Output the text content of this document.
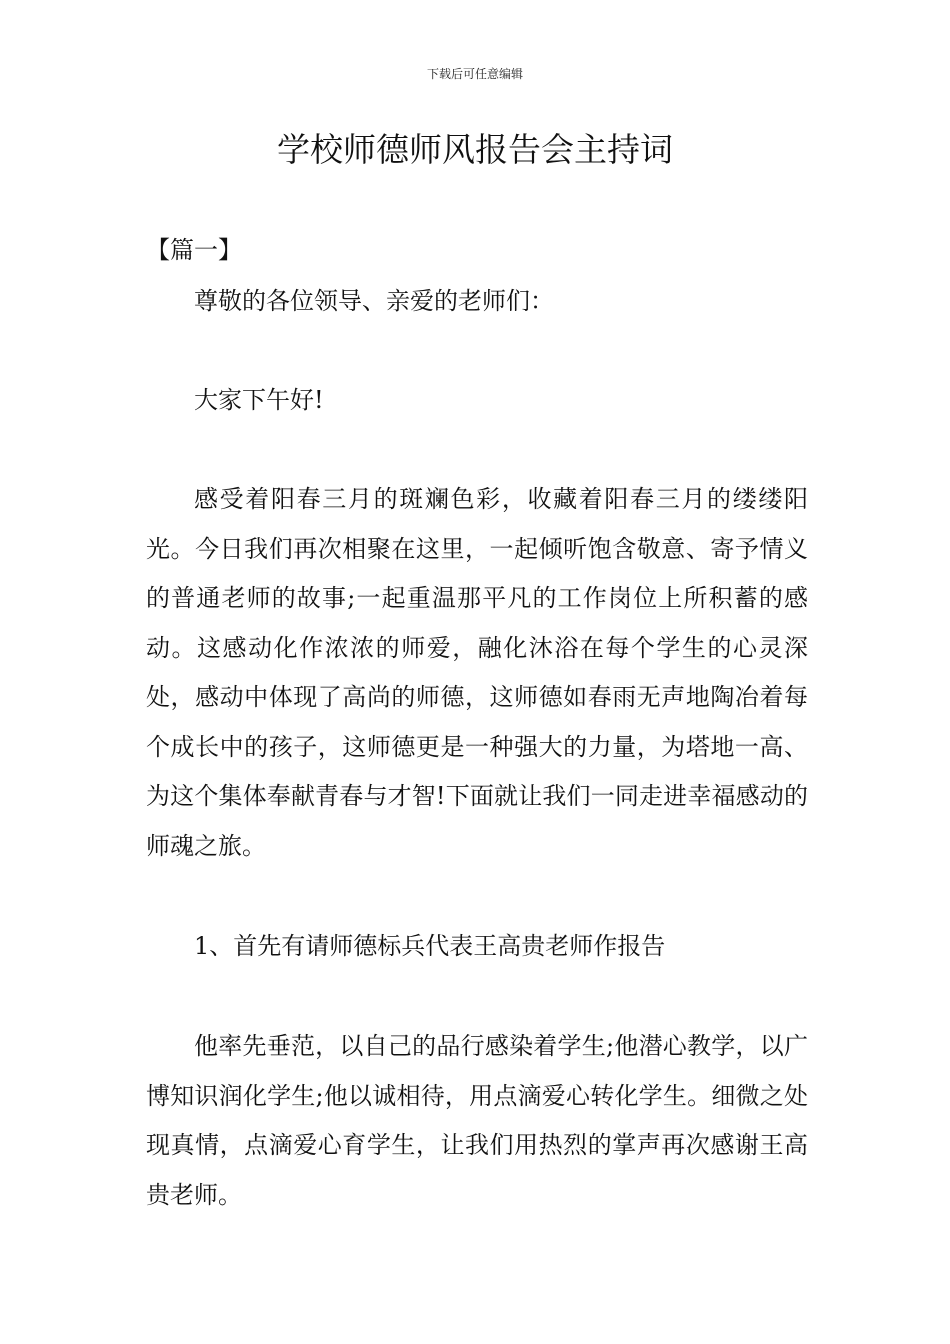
下载后可任意编辑
学校师德师风报告会主持词
【篇一】

尊敬的各位领导、亲爱的老师们：

大家下午好!

感受着阳春三月的斑斓色彩，收藏着阳春三月的缕缕阳光。今日我们再次相聚在这里，一起倾听饱含敬意、寄予情义的普通老师的故事;一起重温那平凡的工作岗位上所积蓄的感动。这感动化作浓浓的师爱，融化沐浴在每个学生的心灵深处，感动中体现了高尚的师德，这师德如春雨无声地陶冶着每个成长中的孩子，这师德更是一种强大的力量，为塔地一高、为这个集体奉献青春与才智!下面就让我们一同走进幸福感动的师魂之旅。

1、首先有请师德标兵代表王高贵老师作报告

他率先垂范，以自己的品行感染着学生;他潜心教学，以广博知识润化学生;他以诚相待，用点滴爱心转化学生。细微之处现真情，点滴爱心育学生，让我们用热烈的掌声再次感谢王高贵老师。
